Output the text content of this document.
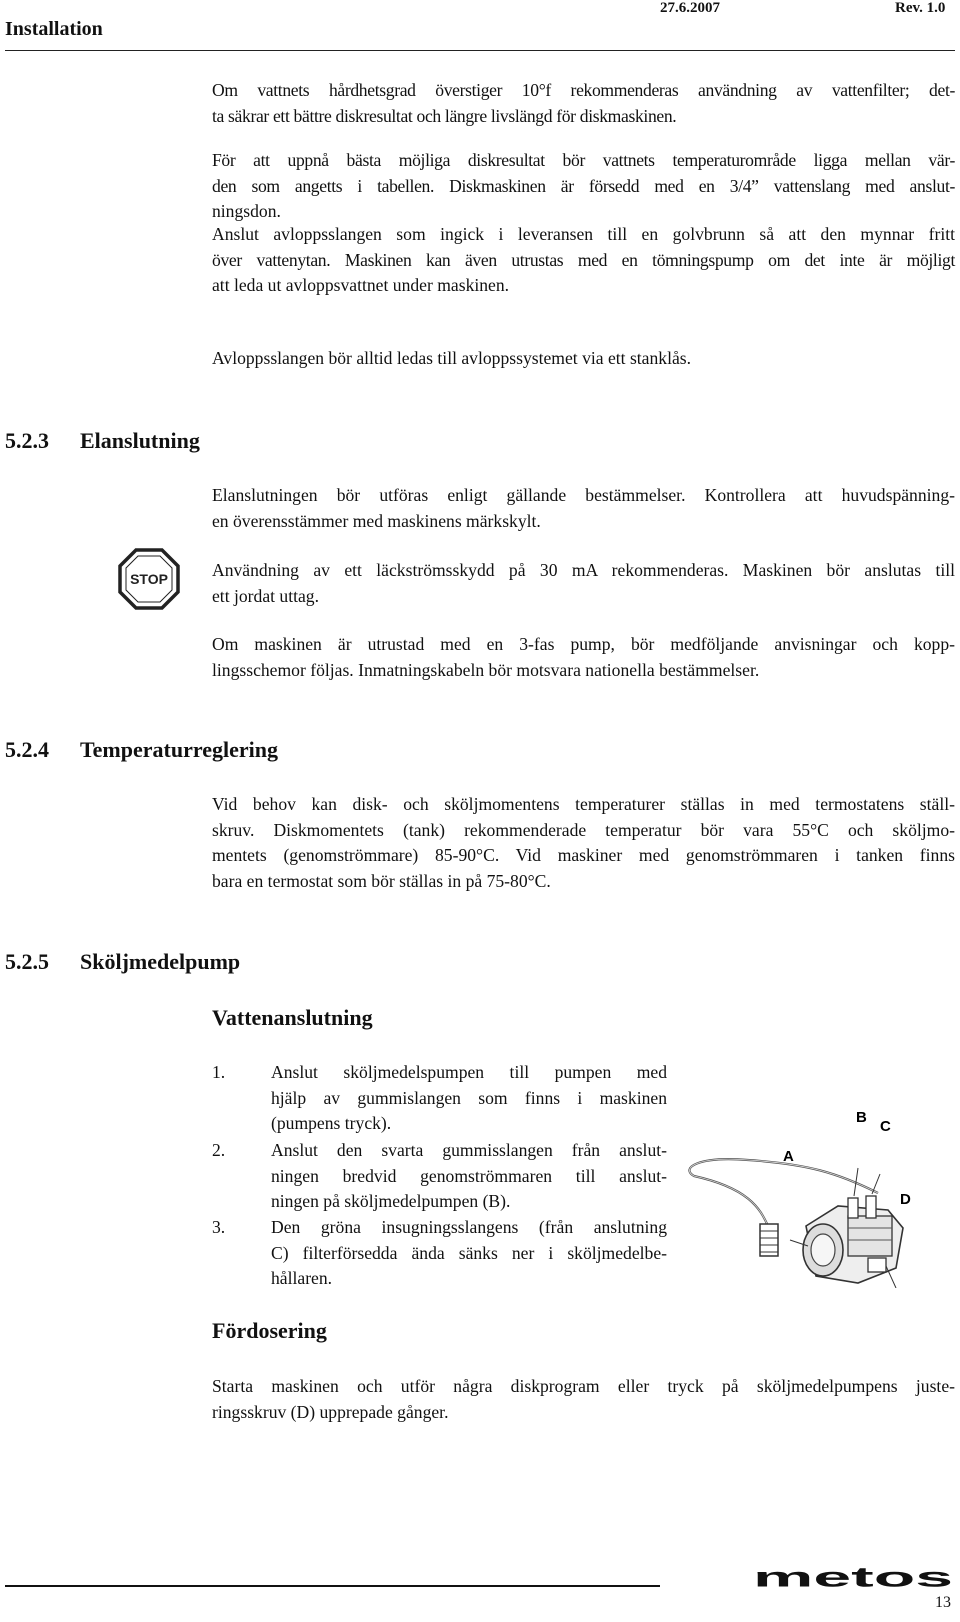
Installation
27.6.2007	Rev. 1.0
Om vattnets hårdhetsgrad överstiger 10°f rekommenderas användning av vattenfilter; det-
ta säkrar ett bättre diskresultat och längre livslängd för diskmaskinen.
För att uppnå bästa möjliga diskresultat bör vattnets temperaturområde ligga mellan vär-
den som angetts i tabellen. Diskmaskinen är försedd med en 3/4” vattenslang med anslut-
ningsdon.
Anslut avloppsslangen som ingick i leveransen till en golvbrunn så att den mynnar fritt
över vattenytan. Maskinen kan även utrustas med en tömningspump om det inte är möjligt
att leda ut avloppsvattnet under maskinen.
Avloppsslangen bör alltid ledas till avloppssystemet via ett stanklås.
5.2.3 Elanslutning
STOP
Elanslutningen bör utföras enligt gällande bestämmelser. Kontrollera att huvudspänning-
en överensstämmer med maskinens märkskylt.
Användning av ett läckströmsskydd på 30 mA rekommenderas. Maskinen bör anslutas till
ett jordat uttag.
Om maskinen är utrustad med en 3-fas pump, bör medföljande anvisningar och kopp-
lingsschemor följas. Inmatningskabeln bör motsvara nationella bestämmelser.
5.2.4 Temperaturreglering
Vid behov kan disk- och sköljmomentens temperaturer ställas in med termostatens ställ-
skruv. Diskmomentets (tank) rekommenderade temperatur bör vara 55°C och sköljmo-
mentets (genomströmmare) 85-90°C. Vid maskiner med genomströmmaren i tanken finns
bara en termostat som bör ställas in på 75-80°C.
5.2.5 Sköljmedelpump
Vattenanslutning
1.	Anslut sköljmedelspumpen till pumpen med
hjälp av gummislangen som finns i maskinen
(pumpens tryck).
2.	Anslut den svarta gummisslangen från anslut-
ningen bredvid genomströmmaren till anslut-
ningen på sköljmedelpumpen (B).
3.	Den gröna insugningsslangens (från anslutning
C) filterförsedda ända sänks ner i sköljmedelbe-
hållaren.
A
B
C
D
Fördosering
Starta maskinen och utför några diskprogram eller tryck på sköljmedelpumpens juste-
ringsskruv (D) upprepade gånger.
metos
13
